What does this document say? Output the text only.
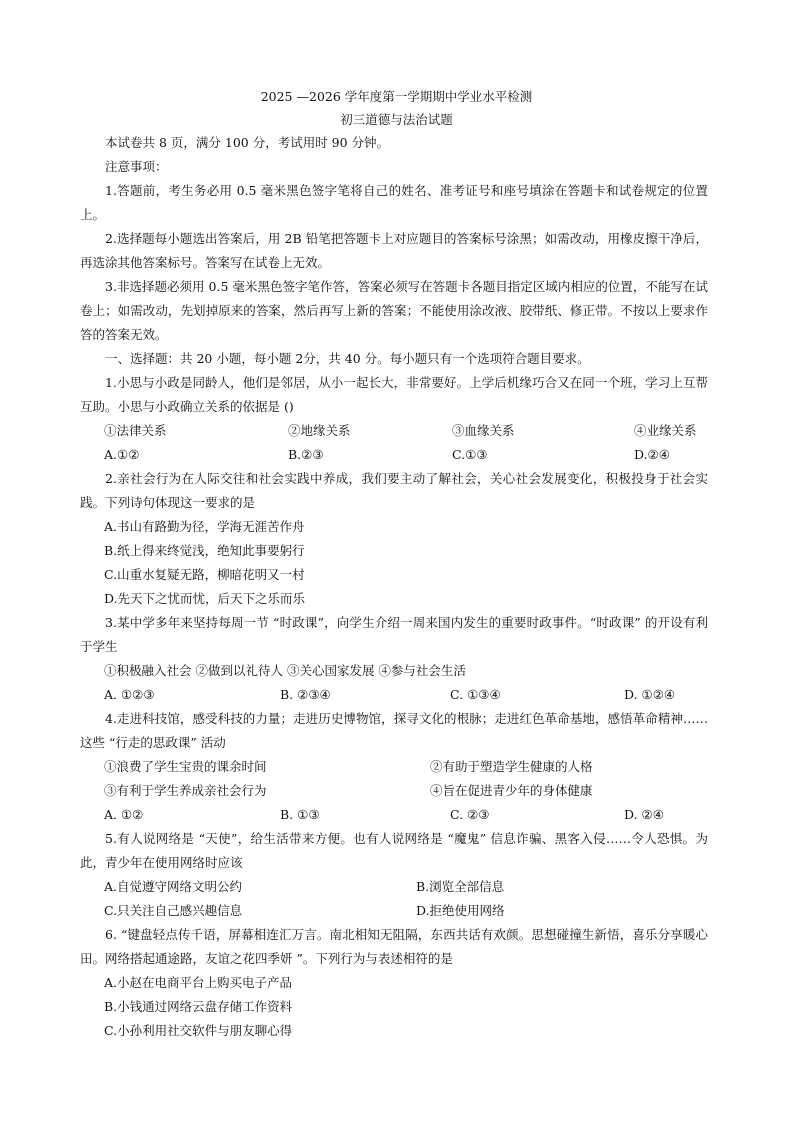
2025 —2026 学年度第一学期期中学业水平检测
初三道德与法治试题
本试卷共 8 页，满分 100 分，考试用时 90 分钟。
注意事项：
1.答题前，考生务必用 0.5 毫米黑色签字笔将自己的姓名、准考证号和座号填涂在答题卡和试卷规定的位置上。
2.选择题每小题选出答案后，用 2B 铅笔把答题卡上对应题目的答案标号涂黑；如需改动，用橡皮擦干净后，再选涂其他答案标号。答案写在试卷上无效。
3.非选择题必须用 0.5 毫米黑色签字笔作答，答案必须写在答题卡各题目指定区域内相应的位置，不能写在试卷上；如需改动，先划掉原来的答案，然后再写上新的答案；不能使用涂改液、胶带纸、修正带。不按以上要求作答的答案无效。
一、选择题：共 20 小题，每小题 2分，共 40 分。每小题只有一个选项符合题目要求。
1.小思与小政是同龄人，他们是邻居，从小一起长大，非常要好。上学后机缘巧合又在同一个班，学习上互帮互助。小思与小政确立关系的依据是 ()
①法律关系	②地缘关系	③血缘关系	④业缘关系
A.①②	B.②③	C.①③	D.②④
2.亲社会行为在人际交往和社会实践中养成，我们要主动了解社会，关心社会发展变化，积极投身于社会实践。下列诗句体现这一要求的是
A.书山有路勤为径，学海无涯苦作舟
B.纸上得来终觉浅，绝知此事要躬行
C.山重水复疑无路，柳暗花明又一村
D.先天下之忧而忧，后天下之乐而乐
3.某中学多年来坚持每周一节 “时政课”，向学生介绍一周来国内发生的重要时政事件。“时政课” 的开设有利于学生
①积极融入社会 ②做到以礼待人 ③关心国家发展 ④参与社会生活
A. ①②③	B. ②③④	C. ①③④	D. ①②④
4.走进科技馆，感受科技的力量；走进历史博物馆，探寻文化的根脉；走进红色革命基地，感悟革命精神……这些 “行走的思政课” 活动
①浪费了学生宝贵的课余时间	②有助于塑造学生健康的人格
③有利于学生养成亲社会行为	④旨在促进青少年的身体健康
A. ①②	B. ①③	C. ②③	D. ②④
5.有人说网络是 “天使”，给生活带来方便。也有人说网络是 “魔鬼” 信息诈骗、黑客入侵……令人恐惧。为此，青少年在使用网络时应该
A.自觉遵守网络文明公约	B.浏览全部信息
C.只关注自己感兴趣信息	D.拒绝使用网络
6. “键盘轻点传千语，屏幕相连汇万言。南北相知无阻隔，东西共话有欢颜。思想碰撞生新悟，喜乐分享暖心田。网络搭起通途路，友谊之花四季妍 ”。下列行为与表述相符的是
A.小赵在电商平台上购买电子产品
B.小钱通过网络云盘存储工作资料
C.小孙利用社交软件与朋友聊心得
